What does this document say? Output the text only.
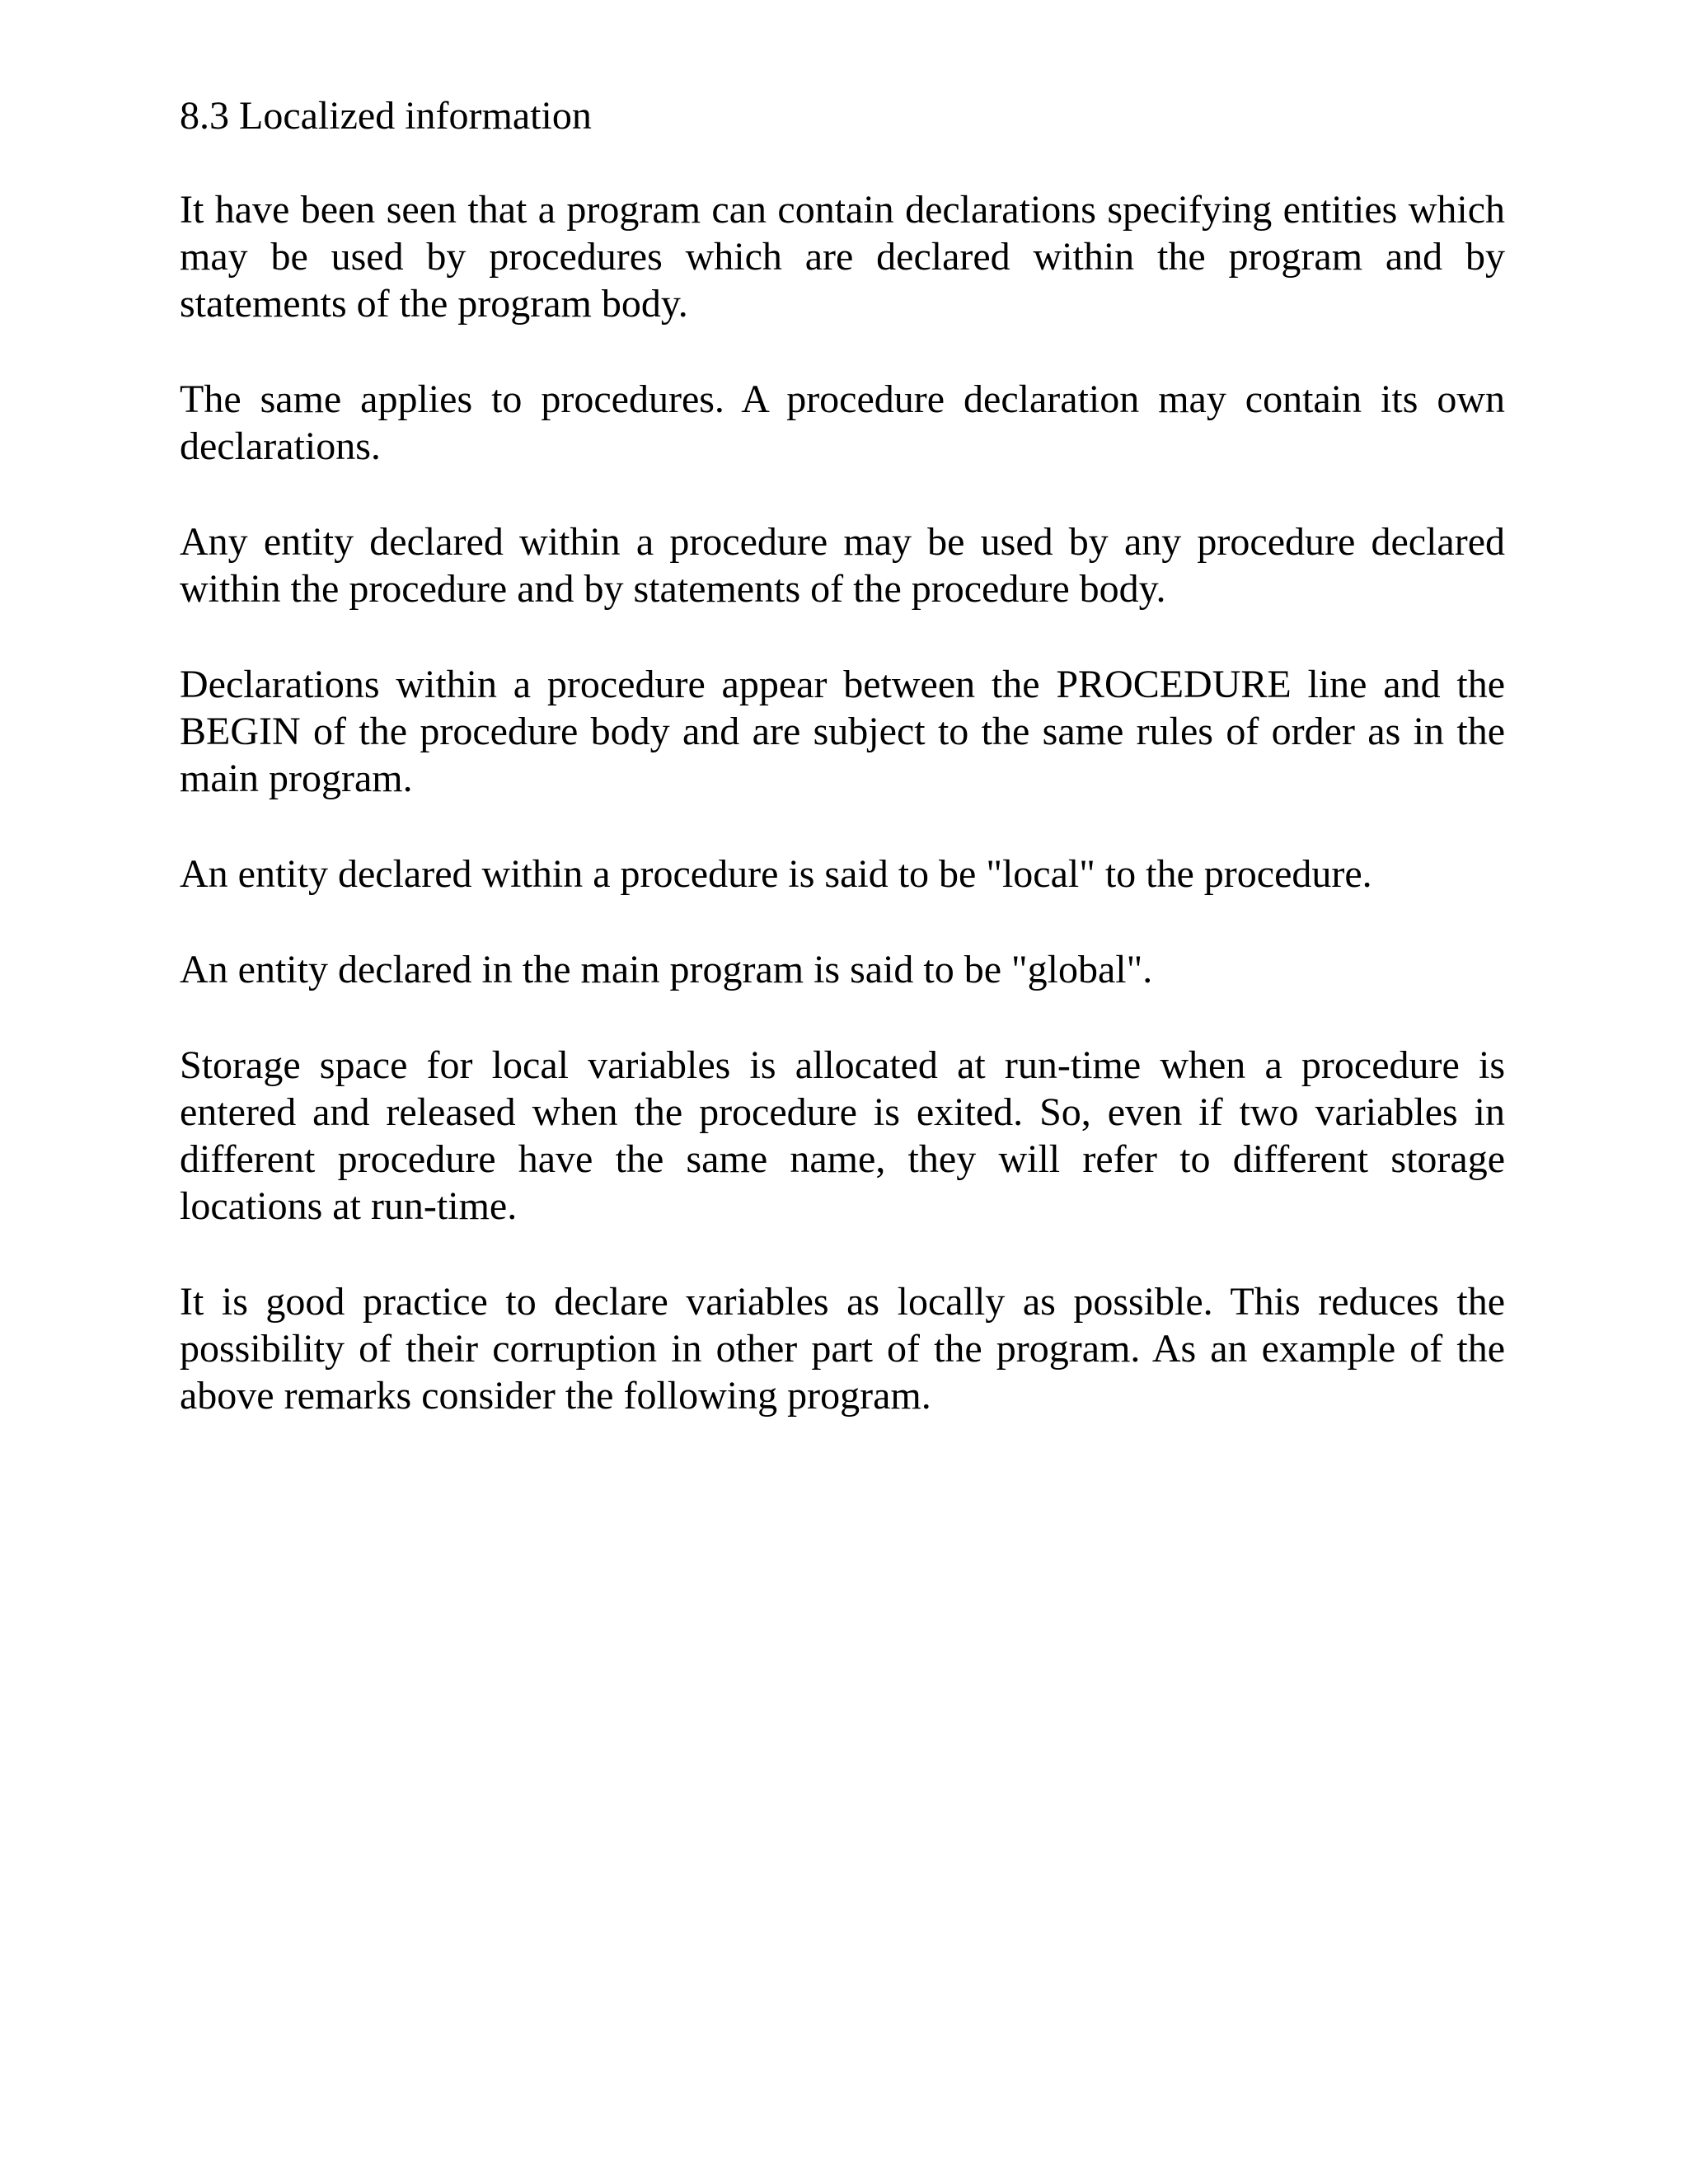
8.3 Localized information

It have been seen that a program can contain declarations specifying entities which may be used by procedures which are declared within the program and by statements of the program body.

The same applies to procedures. A procedure declaration may contain its own declarations.

Any entity declared within a procedure may be used by any procedure declared within the procedure and by statements of the procedure body.

Declarations within a procedure appear between the PROCEDURE line and the BEGIN of the procedure body and are subject to the same rules of order as in the main program.

An entity declared within a procedure is said to be "local" to the procedure.

An entity declared in the main program is said to be "global".

Storage space for local variables is allocated at run-time when a procedure is entered and released when the procedure is exited. So, even if two variables in different procedure have the same name, they will refer to different storage locations at run-time.

It is good practice to declare variables as locally as possible. This reduces the possibility of their corruption in other part of the program. As an example of the above remarks consider the following program.
